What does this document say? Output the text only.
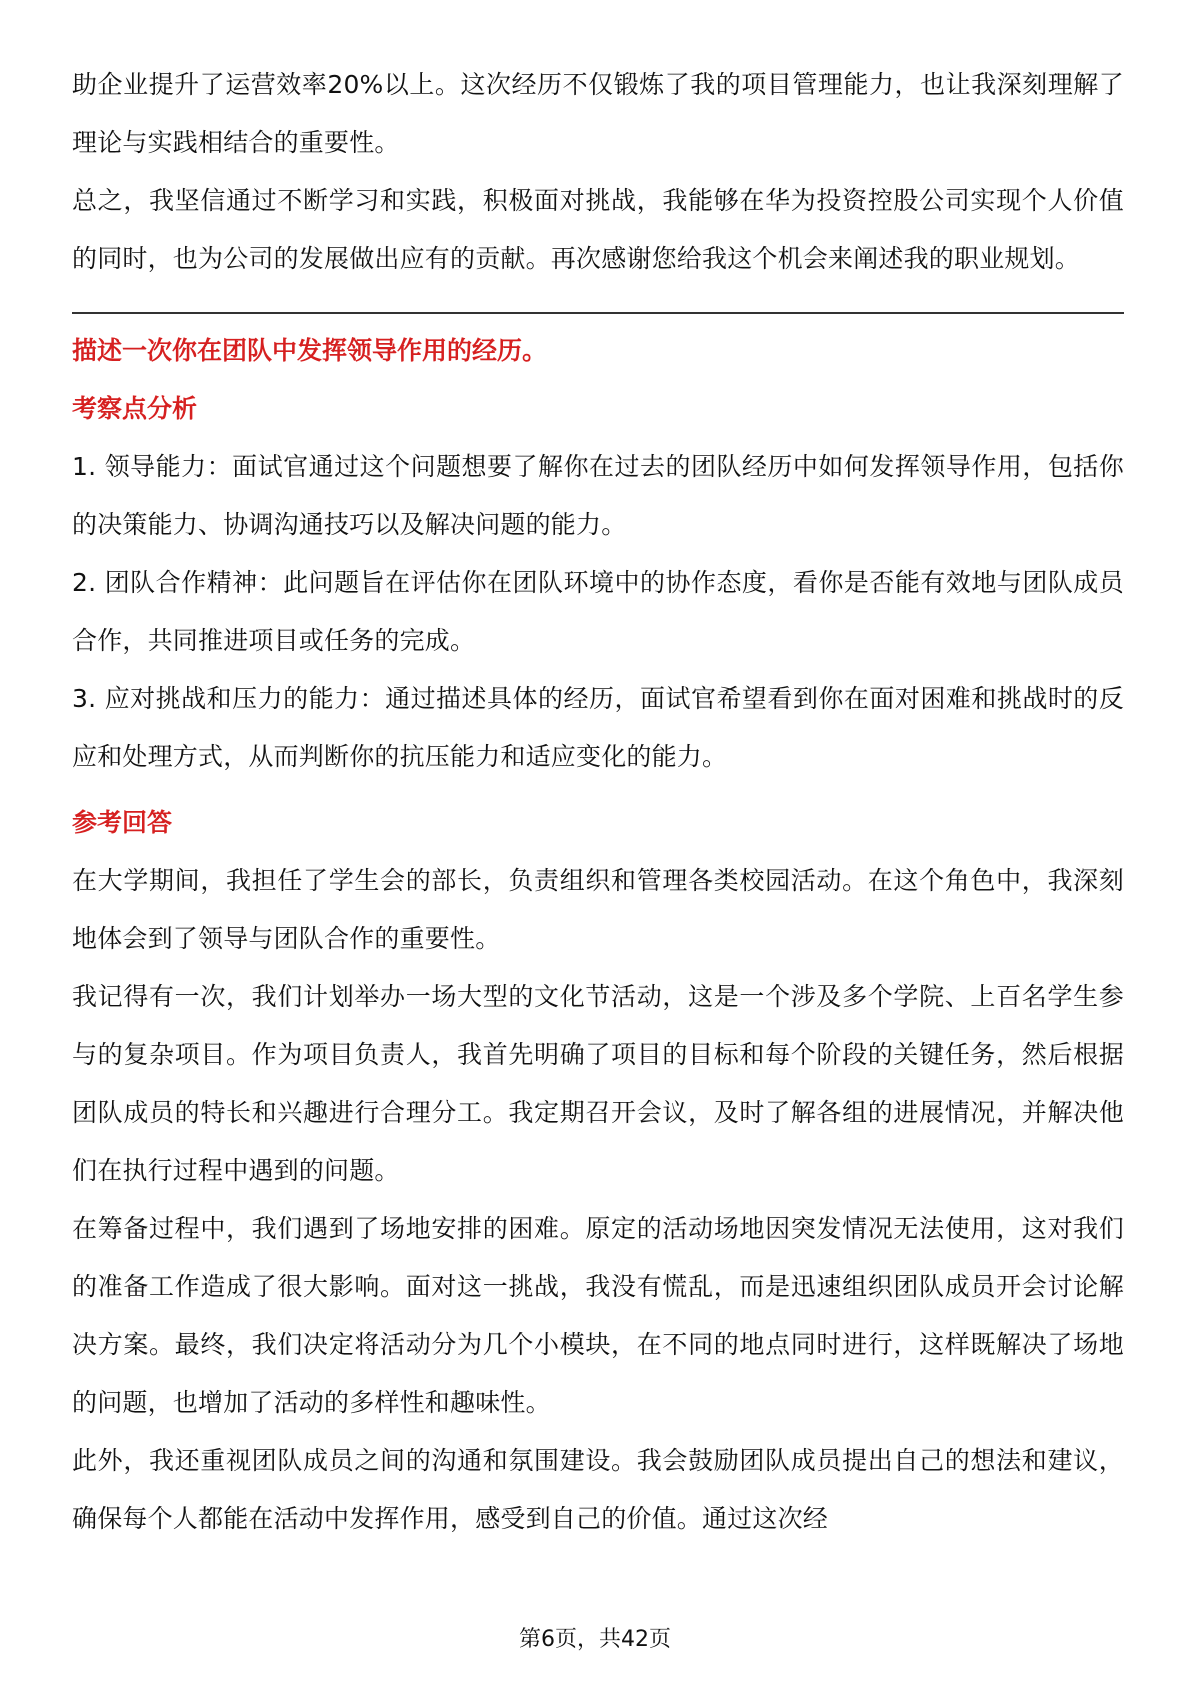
助企业提升了运营效率20%以上。这次经历不仅锻炼了我的项目管理能力，也让我深刻理解了理论与实践相结合的重要性。

总之，我坚信通过不断学习和实践，积极面对挑战，我能够在华为投资控股公司实现个人价值的同时，也为公司的发展做出应有的贡献。再次感谢您给我这个机会来阐述我的职业规划。

描述一次你在团队中发挥领导作用的经历。

考察点分析

1. 领导能力：面试官通过这个问题想要了解你在过去的团队经历中如何发挥领导作用，包括你的决策能力、协调沟通技巧以及解决问题的能力。

2. 团队合作精神：此问题旨在评估你在团队环境中的协作态度，看你是否能有效地与团队成员合作，共同推进项目或任务的完成。

3. 应对挑战和压力的能力：通过描述具体的经历，面试官希望看到你在面对困难和挑战时的反应和处理方式，从而判断你的抗压能力和适应变化的能力。

参考回答

在大学期间，我担任了学生会的部长，负责组织和管理各类校园活动。在这个角色中，我深刻地体会到了领导与团队合作的重要性。

我记得有一次，我们计划举办一场大型的文化节活动，这是一个涉及多个学院、上百名学生参与的复杂项目。作为项目负责人，我首先明确了项目的目标和每个阶段的关键任务，然后根据团队成员的特长和兴趣进行合理分工。我定期召开会议，及时了解各组的进展情况，并解决他们在执行过程中遇到的问题。

在筹备过程中，我们遇到了场地安排的困难。原定的活动场地因突发情况无法使用，这对我们的准备工作造成了很大影响。面对这一挑战，我没有慌乱，而是迅速组织团队成员开会讨论解决方案。最终，我们决定将活动分为几个小模块，在不同的地点同时进行，这样既解决了场地的问题，也增加了活动的多样性和趣味性。

此外，我还重视团队成员之间的沟通和氛围建设。我会鼓励团队成员提出自己的想法和建议，确保每个人都能在活动中发挥作用，感受到自己的价值。通过这次经

第6页，共42页
